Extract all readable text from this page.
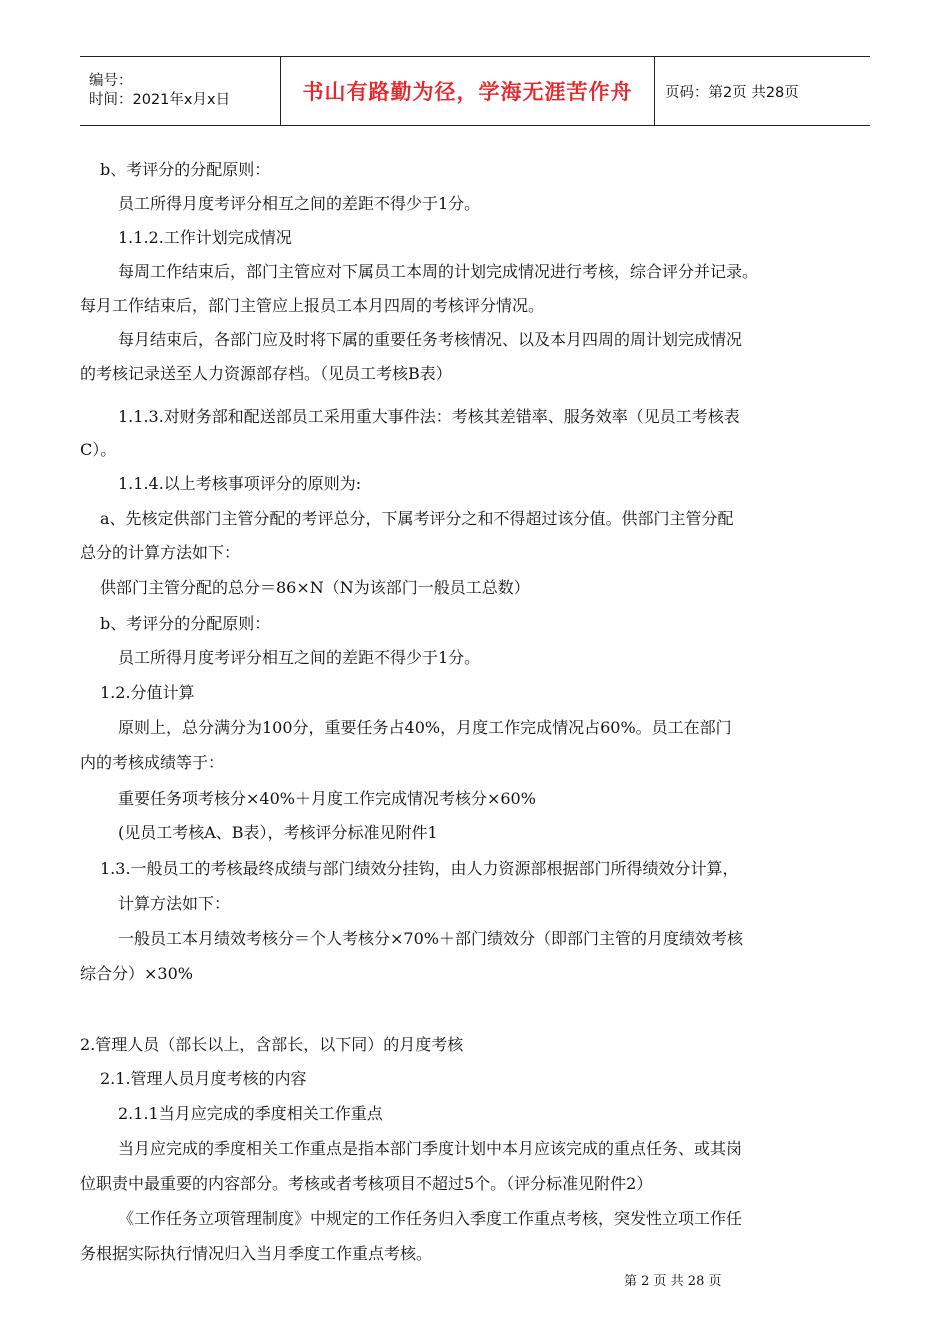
编号：
时间：2021年x月x日	书山有路勤为径，学海无涯苦作舟	页码：第2页 共28页
b、考评分的分配原则：
员工所得月度考评分相互之间的差距不得少于1分。
1.1.2.工作计划完成情况
每周工作结束后，部门主管应对下属员工本周的计划完成情况进行考核，综合评分并记录。
每月工作结束后，部门主管应上报员工本月四周的考核评分情况。
每月结束后，各部门应及时将下属的重要任务考核情况、以及本月四周的周计划完成情况
的考核记录送至人力资源部存档。（见员工考核B表）
1.1.3.对财务部和配送部员工采用重大事件法：考核其差错率、服务效率（见员工考核表
C）。
1.1.4.以上考核事项评分的原则为:
a、先核定供部门主管分配的考评总分，下属考评分之和不得超过该分值。供部门主管分配
总分的计算方法如下：
供部门主管分配的总分＝86×N（N为该部门一般员工总数）
b、考评分的分配原则：
员工所得月度考评分相互之间的差距不得少于1分。
1.2.分值计算
原则上，总分满分为100分，重要任务占40%，月度工作完成情况占60%。员工在部门
内的考核成绩等于：
重要任务项考核分×40%＋月度工作完成情况考核分×60%
(见员工考核A、B表），考核评分标准见附件1
1.3.一般员工的考核最终成绩与部门绩效分挂钩，由人力资源部根据部门所得绩效分计算，
计算方法如下：
一般员工本月绩效考核分＝个人考核分×70%＋部门绩效分（即部门主管的月度绩效考核
综合分）×30%
2.管理人员（部长以上，含部长，以下同）的月度考核
2.1.管理人员月度考核的内容
2.1.1当月应完成的季度相关工作重点
当月应完成的季度相关工作重点是指本部门季度计划中本月应该完成的重点任务、或其岗
位职责中最重要的内容部分。考核或者考核项目不超过5个。（评分标准见附件2）
《工作任务立项管理制度》中规定的工作任务归入季度工作重点考核，突发性立项工作任
务根据实际执行情况归入当月季度工作重点考核。
第 2 页 共 28 页
